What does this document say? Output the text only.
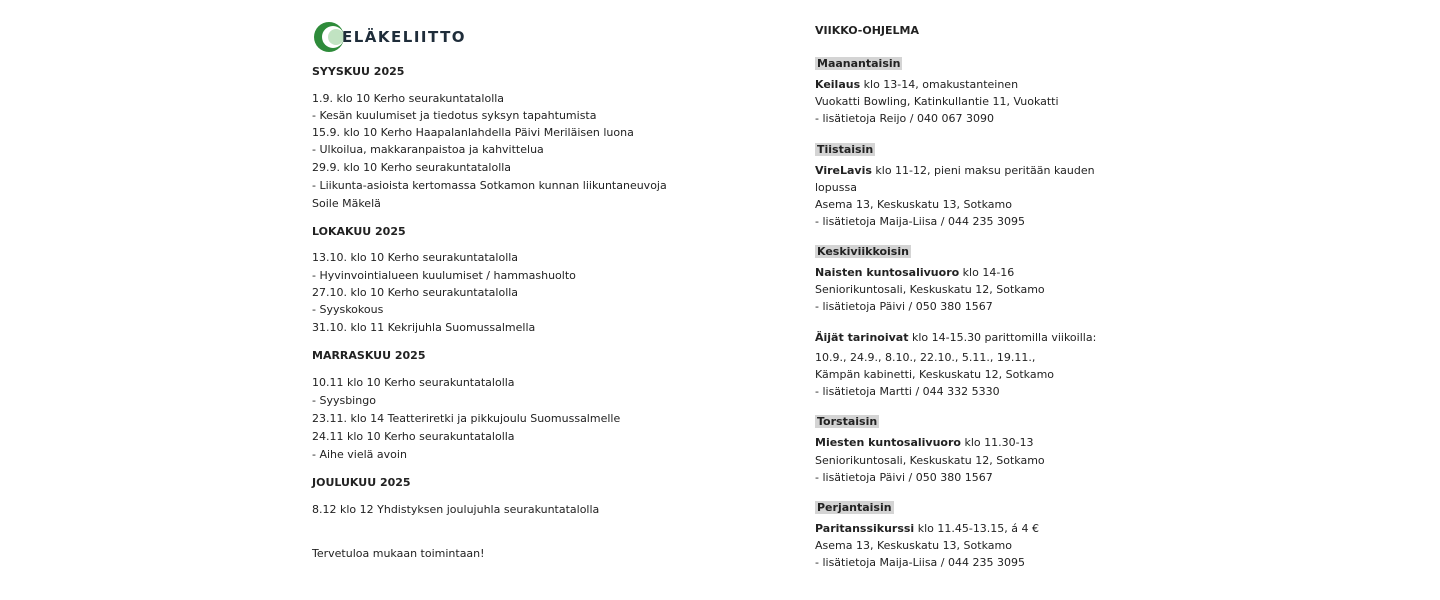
ELÄKELIITTO
SYYSKUU 2025
1.9. klo 10 Kerho seurakuntatalolla
- Kesän kuulumiset ja tiedotus syksyn tapahtumista
15.9. klo 10 Kerho Haapalanlahdella Päivi Meriläisen luona
- Ulkoilua, makkaranpaistoa ja kahvittelua
29.9. klo 10 Kerho seurakuntatalolla
- Liikunta-asioista kertomassa Sotkamon kunnan liikuntaneuvoja
Soile Mäkelä
LOKAKUU 2025
13.10. klo 10 Kerho seurakuntatalolla
- Hyvinvointialueen kuulumiset / hammashuolto
27.10. klo 10 Kerho seurakuntatalolla
- Syyskokous
31.10. klo 11 Kekrijuhla Suomussalmella
MARRASKUU 2025
10.11 klo 10 Kerho seurakuntatalolla
- Syysbingo
23.11. klo 14 Teatteriretki ja pikkujoulu Suomussalmelle
24.11 klo 10 Kerho seurakuntatalolla
- Aihe vielä avoin
JOULUKUU 2025
8.12 klo 12 Yhdistyksen joulujuhla seurakuntatalolla
Tervetuloa mukaan toimintaan!
VIIKKO-OHJELMA
Maanantaisin
Keilaus klo 13-14, omakustanteinen
Vuokatti Bowling, Katinkullantie 11, Vuokatti
- lisätietoja Reijo / 040 067 3090
Tiistaisin
VireLavis klo 11-12, pieni maksu peritään kauden
lopussa
Asema 13, Keskuskatu 13, Sotkamo
- lisätietoja Maija-Liisa / 044 235 3095
Keskiviikkoisin
Naisten kuntosalivuoro klo 14-16
Seniorikuntosali, Keskuskatu 12, Sotkamo
- lisätietoja Päivi / 050 380 1567
Äijät tarinoivat klo 14-15.30 parittomilla viikoilla:
10.9., 24.9., 8.10., 22.10., 5.11., 19.11.,
Kämpän kabinetti, Keskuskatu 12, Sotkamo
- lisätietoja Martti / 044 332 5330
Torstaisin
Miesten kuntosalivuoro klo 11.30-13
Seniorikuntosali, Keskuskatu 12, Sotkamo
- lisätietoja Päivi / 050 380 1567
Perjantaisin
Paritanssikurssi klo 11.45-13.15, á 4 €
Asema 13, Keskuskatu 13, Sotkamo
- lisätietoja Maija-Liisa / 044 235 3095
